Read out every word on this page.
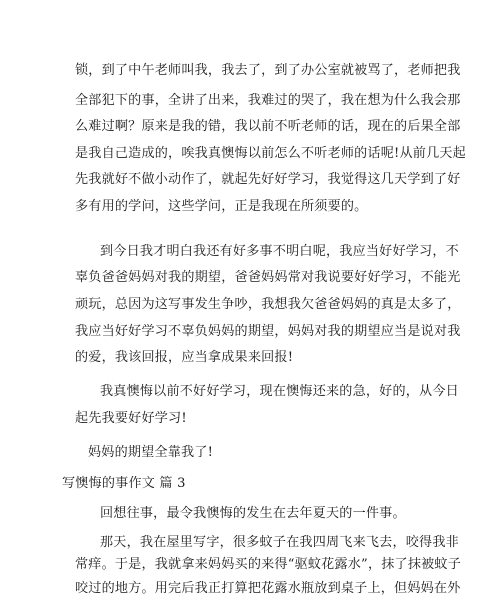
锁，到了中午老师叫我，我去了，到了办公室就被骂了，老师把我
全部犯下的事，全讲了出来，我难过的哭了，我在想为什么我会那
么难过啊？原来是我的错，我以前不听老师的话，现在的后果全部
是我自己造成的，唉我真懊悔以前怎么不听老师的话呢!从前几天起
先我就好不做小动作了，就起先好好学习，我觉得这几天学到了好
多有用的学问，这些学问，正是我现在所须要的。
到今日我才明白我还有好多事不明白呢，我应当好好学习，不
辜负爸爸妈妈对我的期望，爸爸妈妈常对我说要好好学习，不能光
顽玩，总因为这写事发生争吵，我想我欠爸爸妈妈的真是太多了，
我应当好好学习不辜负妈妈的期望，妈妈对我的期望应当是说对我
的爱，我该回报，应当拿成果来回报!
我真懊悔以前不好好学习，现在懊悔还来的急，好的，从今日
起先我要好好学习!
妈妈的期望全靠我了!
写懊悔的事作文 篇 3
回想往事，最令我懊悔的发生在去年夏天的一件事。
那天，我在屋里写字，很多蚊子在我四周飞来飞去，咬得我非
常痒。于是，我就拿来妈妈买的来得“驱蚊花露水”，抹了抹被蚊子
咬过的地方。用完后我正打算把花露水瓶放到桌子上，但妈妈在外
